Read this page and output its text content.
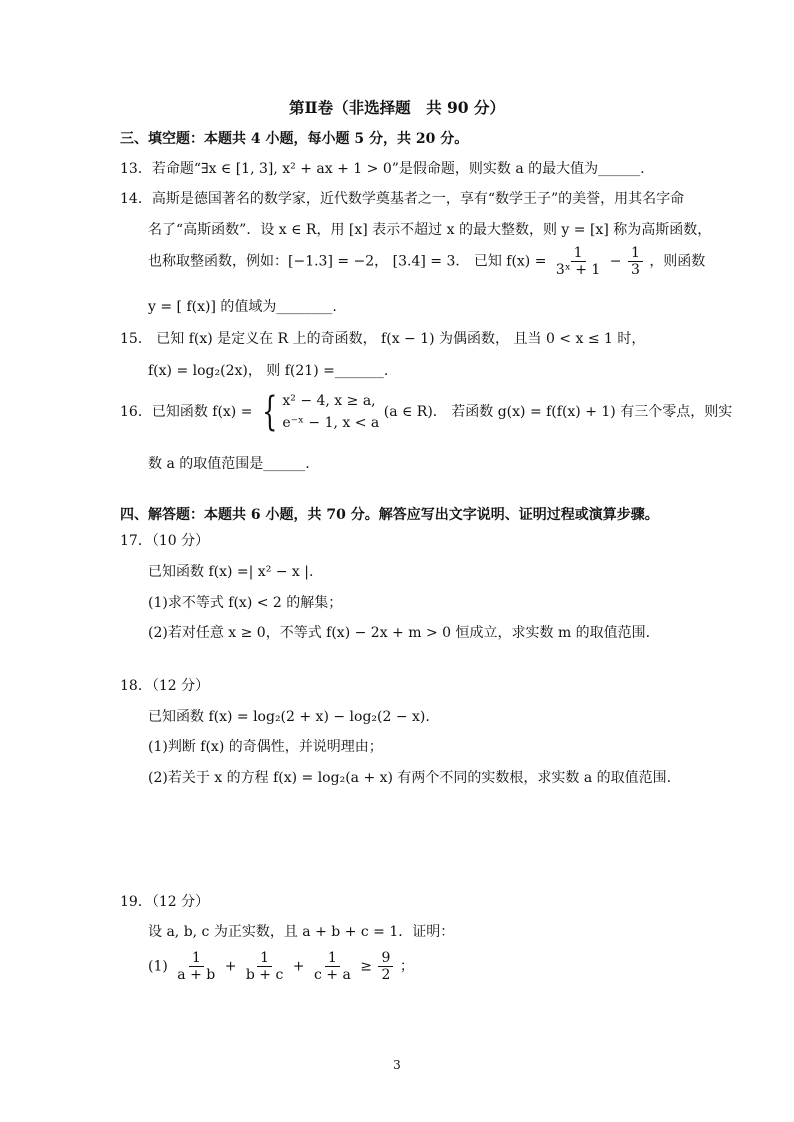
第Ⅱ卷（非选择题　共 90 分）
三、填空题：本题共 4 小题，每小题 5 分，共 20 分。
13．若命题“∃x ∈ [1, 3], x² + ax + 1 > 0”是假命题，则实数 a 的最大值为______.
14．高斯是德国著名的数学家，近代数学奠基者之一，享有“数学王子”的美誉，用其名字命
名了“高斯函数”．设 x ∈ R，用 [x] 表示不超过 x 的最大整数，则 y = [x] 称为高斯函数，
也称取整函数，例如：[−1.3] = −2， [3.4] = 3． 已知 $f(x) = \frac{1}{\text{3ˣ + 1}} - \frac{1}{3}$ ，则函数
y = [ f(x)] 的值域为________.
15． 已知 f(x) 是定义在 R 上的奇函数， f(x − 1) 为偶函数， 且当 0 < x ≤ 1 时，
f(x) = log₂(2x)， 则 f(21) =_______.
16．已知函数 f(x) = { x² − 4, x ≥ a,
e⁻ˣ − 1, x < a
(a ∈ R)． 若函数 g(x) = f(f(x) + 1) 有三个零点，则实
数 a 的取值范围是______.
四、解答题：本题共 6 小题，共 70 分。解答应写出文字说明、证明过程或演算步骤。
17．（10 分）
已知函数 f(x) =| x² − x |.
(1)求不等式 f(x) < 2 的解集；
(2)若对任意 x ≥ 0，不等式 f(x) − 2x + m > 0 恒成立，求实数 m 的取值范围.
18．（12 分）
已知函数 f(x) = log₂(2 + x) − log₂(2 − x).
(1)判断 f(x) 的奇偶性，并说明理由；
(2)若关于 x 的方程 f(x) = log₂(a + x) 有两个不同的实数根，求实数 a 的取值范围.
19．（12 分）
设 a, b, c 为正实数，且 a + b + c = 1．证明：
$(1) \frac{1}{a + b} + \frac{1}{b + c} + \frac{1}{c + a} \ge \frac{9}{2}$ ；
3
